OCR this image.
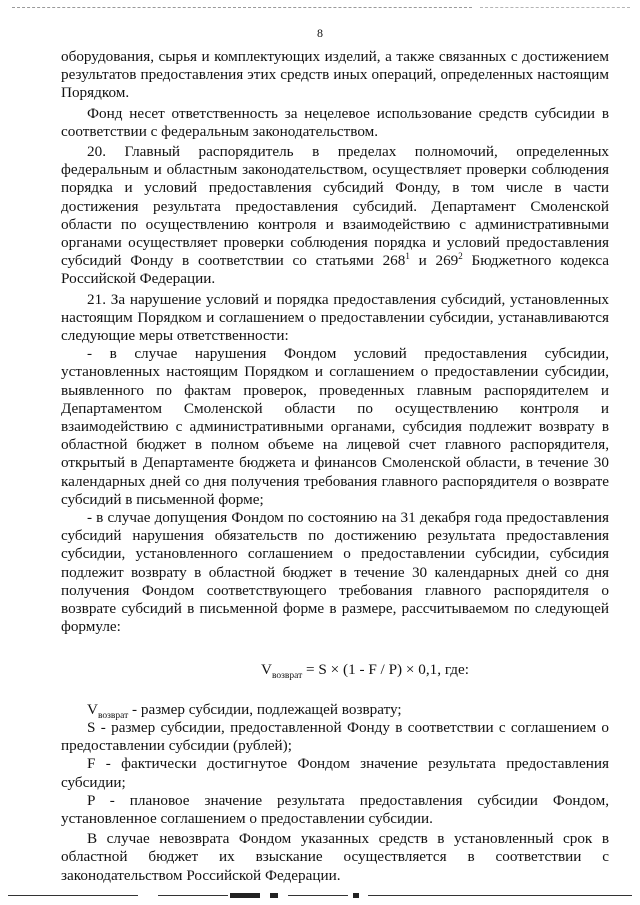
8

оборудования, сырья и комплектующих изделий, а также связанных с достижением результатов предоставления этих средств иных операций, определенных настоящим Порядком.

Фонд несет ответственность за нецелевое использование средств субсидии в соответствии с федеральным законодательством.

20. Главный распорядитель в пределах полномочий, определенных федеральным и областным законодательством, осуществляет проверки соблюдения порядка и условий предоставления субсидий Фонду, в том числе в части достижения результата предоставления субсидий. Департамент Смоленской области по осуществлению контроля и взаимодействию с административными органами осуществляет проверки соблюдения порядка и условий предоставления субсидий Фонду в соответствии со статьями $268^1$ и $269^2$ Бюджетного кодекса Российской Федерации.

21. За нарушение условий и порядка предоставления субсидий, установленных настоящим Порядком и соглашением о предоставлении субсидии, устанавливаются следующие меры ответственности:

- в случае нарушения Фондом условий предоставления субсидии, установленных настоящим Порядком и соглашением о предоставлении субсидии, выявленного по фактам проверок, проведенных главным распорядителем и Департаментом Смоленской области по осуществлению контроля и взаимодействию с административными органами, субсидия подлежит возврату в областной бюджет в полном объеме на лицевой счет главного распорядителя, открытый в Департаменте бюджета и финансов Смоленской области, в течение 30 календарных дней со дня получения требования главного распорядителя о возврате субсидий в письменной форме;

- в случае допущения Фондом по состоянию на 31 декабря года предоставления субсидий нарушения обязательств по достижению результата предоставления субсидии, установленного соглашением о предоставлении субсидии, субсидия подлежит возврату в областной бюджет в течение 30 календарных дней со дня получения Фондом соответствующего требования главного распорядителя о возврате субсидий в письменной форме в размере, рассчитываемом по следующей формуле:

$V_{возврат} = S \times (1 - F / P) \times 0,1$, где:

$V_{возврат}$ - размер субсидии, подлежащей возврату;

S - размер субсидии, предоставленной Фонду в соответствии с соглашением о предоставлении субсидии (рублей);

F - фактически достигнутое Фондом значение результата предоставления субсидии;

P - плановое значение результата предоставления субсидии Фондом, установленное соглашением о предоставлении субсидии.

В случае невозврата Фондом указанных средств в установленный срок в областной бюджет их взыскание осуществляется в соответствии с законодательством Российской Федерации.
